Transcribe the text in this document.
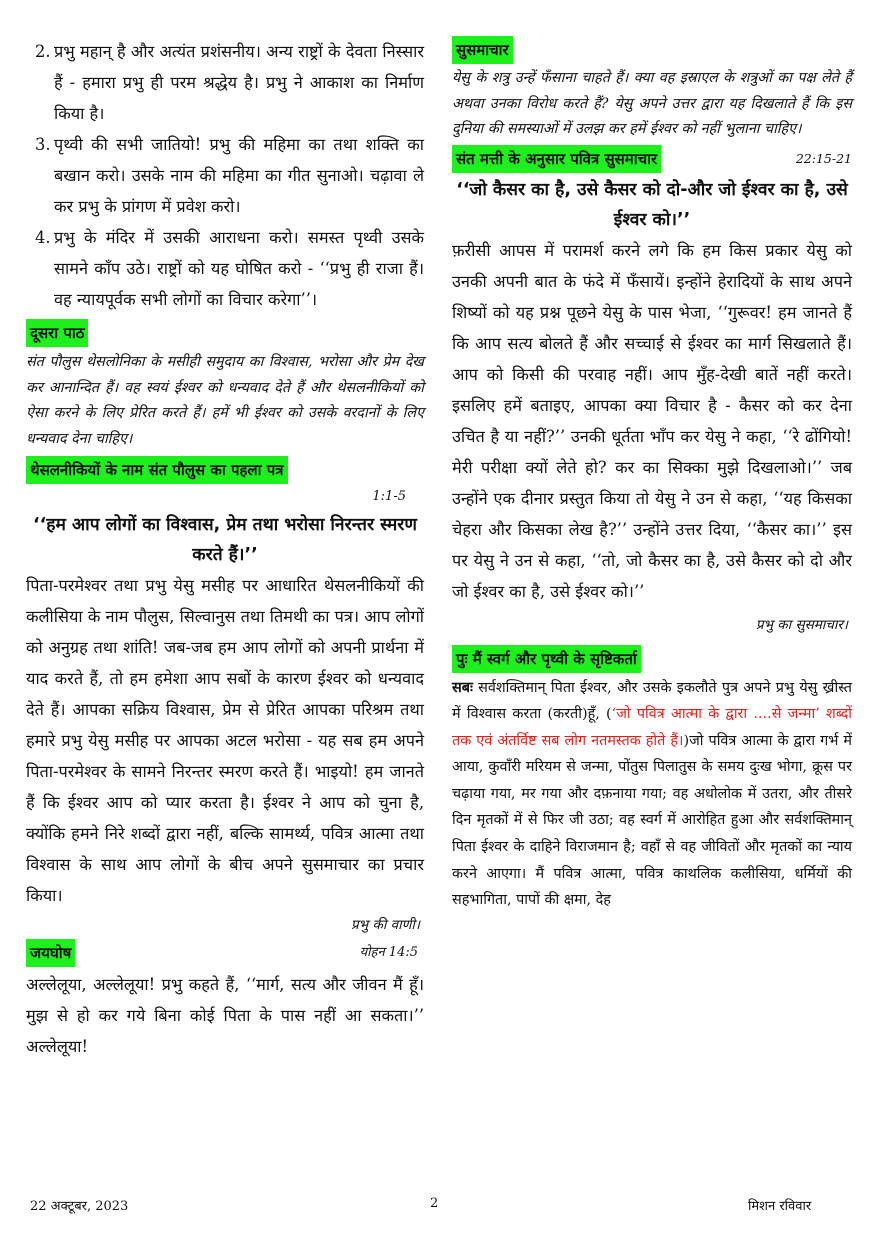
2. प्रभु महान् है और अत्यंत प्रशंसनीय। अन्य राष्ट्रों के देवता निस्सार हैं - हमारा प्रभु ही परम श्रद्धेय है। प्रभु ने आकाश का निर्माण किया है।
3. पृथ्वी की सभी जातियो! प्रभु की महिमा का तथा शक्ति का बखान करो। उसके नाम की महिमा का गीत सुनाओ। चढ़ावा ले कर प्रभु के प्रांगण में प्रवेश करो।
4. प्रभु के मंदिर में उसकी आराधना करो। समस्त पृथ्वी उसके सामने काँप उठे। राष्ट्रों को यह घोषित करो - ‘‘प्रभु ही राजा हैं। वह न्यायपूर्वक सभी लोगों का विचार करेगा’’।
दूसरा पाठ

संत पौलुस थेसलोनिका के मसीही समुदाय का विश्वास, भरोसा और प्रेम देख कर आनान्दित हैं। वह स्वयं ईश्वर को धन्यवाद देते हैं और थेसलनीकियों को ऐसा करने के लिए प्रेरित करते हैं। हमें भी ईश्वर को उसके वरदानों के लिए धन्यवाद देना चाहिए।

थेसलनीकियों के नाम संत पौलुस का पहला पत्र
1:1-5

‘‘हम आप लोगों का विश्वास, प्रेम तथा भरोसा निरन्तर स्मरण करते हैं।’’

पिता-परमेश्वर तथा प्रभु येसु मसीह पर आधारित थेसलनीकियों की कलीसिया के नाम पौलुस, सिल्वानुस तथा तिमथी का पत्र। आप लोगों को अनुग्रह तथा शांति! जब-जब हम आप लोगों को अपनी प्रार्थना में याद करते हैं, तो हम हमेशा आप सबों के कारण ईश्वर को धन्यवाद देते हैं। आपका सक्रिय विश्वास, प्रेम से प्रेरित आपका परिश्रम तथा हमारे प्रभु येसु मसीह पर आपका अटल भरोसा - यह सब हम अपने पिता-परमेश्वर के सामने निरन्तर स्मरण करते हैं। भाइयो! हम जानते हैं कि ईश्वर आप को प्यार करता है। ईश्वर ने आप को चुना है, क्योंकि हमने निरे शब्दों द्वारा नहीं, बल्कि सामर्थ्य, पवित्र आत्मा तथा विश्वास के साथ आप लोगों के बीच अपने सुसमाचार का प्रचार किया।

प्रभु की वाणी।
जयघोष	योहन 14:5

अल्लेलूया, अल्लेलूया! प्रभु कहते हैं, ‘‘मार्ग, सत्य और जीवन मैं हूँ। मुझ से हो कर गये बिना कोई पिता के पास नहीं आ सकता।’’ अल्लेलूया!

सुसमाचार

येसु के शत्रु उन्हें फँसाना चाहते हैं। क्या वह इस्राएल के शत्रुओं का पक्ष लेते हैं अथवा उनका विरोध करते हैं? येसु अपने उत्तर द्वारा यह दिखलाते हैं कि इस दुनिया की समस्याओं में उलझ कर हमें ईश्वर को नहीं भुलाना चाहिए।

संत मत्ती के अनुसार पवित्र सुसमाचार	22:15-21

‘‘जो कैसर का है, उसे कैसर को दो-और जो ईश्वर का है, उसे ईश्वर को।’’

फ़रीसी आपस में परामर्श करने लगे कि हम किस प्रकार येसु को उनकी अपनी बात के फंदे में फँसायें। इन्होंने हेरादियों के साथ अपने शिष्यों को यह प्रश्न पूछने येसु के पास भेजा, ‘‘गुरूवर! हम जानते हैं कि आप सत्य बोलते हैं और सच्चाई से ईश्वर का मार्ग सिखलाते हैं। आप को किसी की परवाह नहीं। आप मुँह-देखी बातें नहीं करते। इसलिए हमें बताइए, आपका क्या विचार है - कैसर को कर देना उचित है या नहीं?’’ उनकी धूर्तता भाँप कर येसु ने कहा, ‘‘रे ढोंगियो! मेरी परीक्षा क्यों लेते हो? कर का सिक्का मुझे दिखलाओ।’’ जब उन्होंने एक दीनार प्रस्तुत किया तो येसु ने उन से कहा, ‘‘यह किसका चेहरा और किसका लेख है?’’ उन्होंने उत्तर दिया, ‘‘कैसर का।’’ इस पर येसु ने उन से कहा, ‘‘तो, जो कैसर का है, उसे कैसर को दो और जो ईश्वर का है, उसे ईश्वर को।’’

प्रभु का सुसमाचार।
पुः मैं स्वर्ग और पृथ्वी के सृष्टिकर्ता

सबः सर्वशक्तिमान् पिता ईश्वर, और उसके इकलौते पुत्र अपने प्रभु येसु ख्रीस्त में विश्वास करता (करती)हूँ, (‘जो पवित्र आत्मा के द्वारा ....से जन्मा’ शब्दों तक एवं अंतर्विष्ट सब लोग नतमस्तक होते हैं।)जो पवित्र आत्मा के द्वारा गर्भ में आया, कुवाँरी मरियम से जन्मा, पोंतुस पिलातुस के समय दुःख भोगा, क्रूस पर चढ़ाया गया, मर गया और दफ़नाया गया; वह अधोलोक में उतरा, और तीसरे दिन मृतकों में से फिर जी उठा; वह स्वर्ग में आरोहित हुआ और सर्वशक्तिमान् पिता ईश्वर के दाहिने विराजमान है; वहाँ से वह जीवितों और मृतकों का न्याय करने आएगा। मैं पवित्र आत्मा, पवित्र काथलिक कलीसिया, धर्मियों की सहभागिता, पापों की क्षमा, देह

22 अक्टूबर, 2023	2	मिशन रविवार
